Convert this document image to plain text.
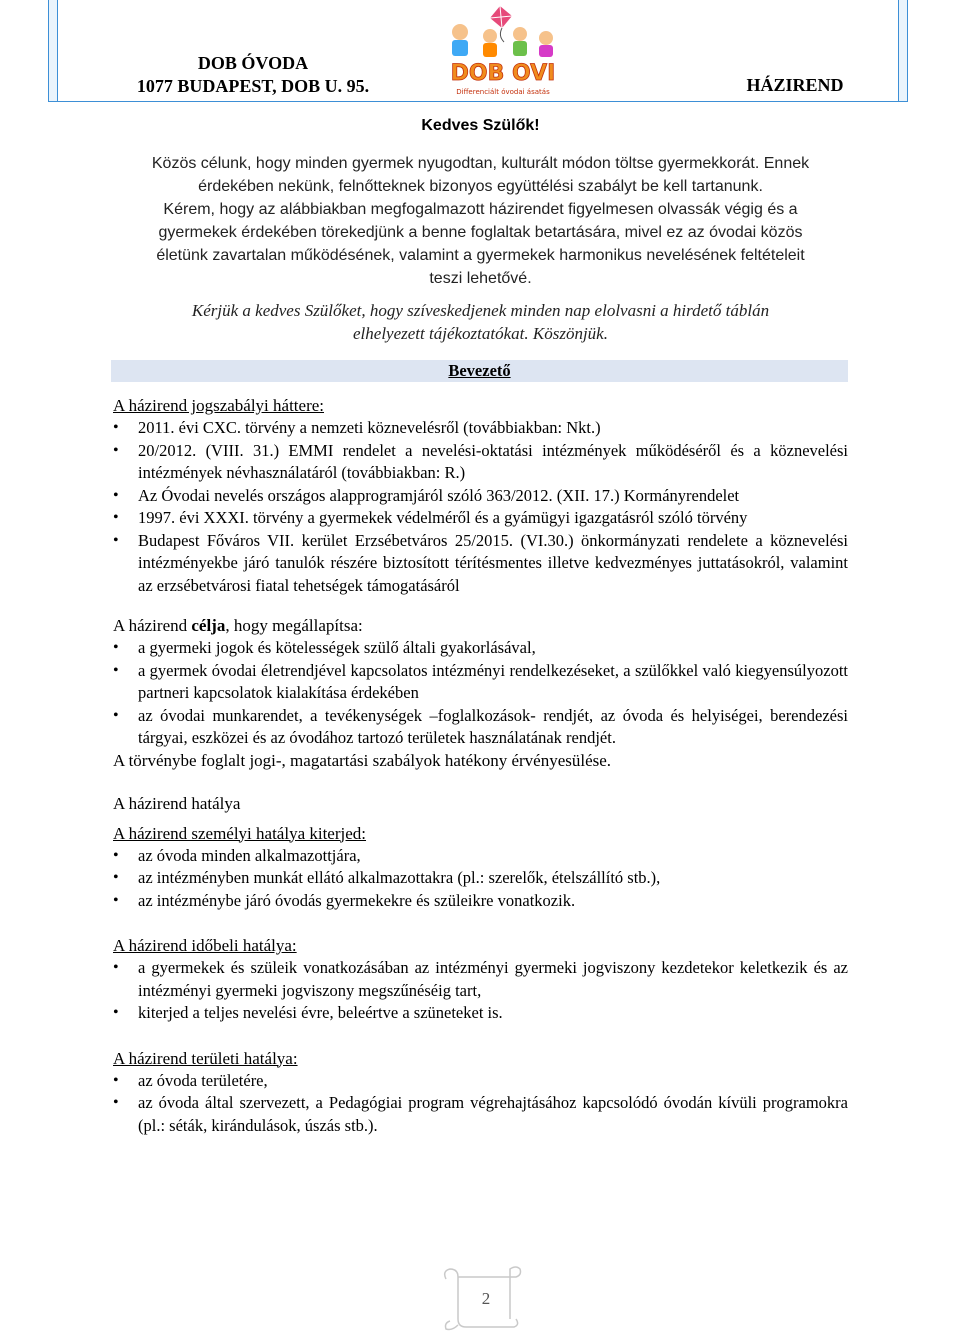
DOB ÓVODA
1077 BUDAPEST, DOB U. 95.	DOB OVI
Differenciált óvodai ásatás	HÁZIREND

Kedves Szülők!

Közös célunk, hogy minden gyermek nyugodtan, kulturált módon töltse gyermekkorát. Ennek
érdekében nekünk, felnőtteknek bizonyos együttélési szabályt be kell tartanunk.
Kérem, hogy az alábbiakban megfogalmazott házirendet figyelmesen olvassák végig és a
gyermekek érdekében törekedjünk a benne foglaltak betartására, mivel ez az óvodai közös
életünk zavartalan működésének, valamint a gyermekek harmonikus nevelésének feltételeit
teszi lehetővé.
Kérjük a kedves Szülőket, hogy szíveskedjenek minden nap elolvasni a hirdető táblán
elhelyezett tájékoztatókat. Köszönjük.
Bevezető

A házirend jogszabályi háttere:

• 2011. évi CXC. törvény a nemzeti köznevelésről (továbbiakban: Nkt.)
• 20/2012. (VIII. 31.) EMMI rendelet a nevelési-oktatási intézmények működéséről és a köznevelési intézmények névhasználatáról (továbbiakban: R.)
• Az Óvodai nevelés országos alapprogramjáról szóló 363/2012. (XII. 17.) Kormányrendelet
• 1997. évi XXXI. törvény a gyermekek védelméről és a gyámügyi igazgatásról szóló törvény
• Budapest Főváros VII. kerület Erzsébetváros 25/2015. (VI.30.) önkormányzati rendelete a köznevelési intézményekbe járó tanulók részére biztosított térítésmentes illetve kedvezményes juttatásokról, valamint az erzsébetvárosi fiatal tehetségek támogatásáról

A házirend célja, hogy megállapítsa:

• a gyermeki jogok és kötelességek szülő általi gyakorlásával,
• a gyermek óvodai életrendjével kapcsolatos intézményi rendelkezéseket, a szülőkkel való kiegyensúlyozott partneri kapcsolatok kialakítása érdekében
• az óvodai munkarendet, a tevékenységek –foglalkozások- rendjét, az óvoda és helyiségei, berendezési tárgyai, eszközei és az óvodához tartozó területek használatának rendjét.

A törvénybe foglalt jogi-, magatartási szabályok hatékony érvényesülése.

A házirend hatálya

A házirend személyi hatálya kiterjed:

• az óvoda minden alkalmazottjára,
• az intézményben munkát ellátó alkalmazottakra (pl.: szerelők, ételszállító stb.),
• az intézménybe járó óvodás gyermekekre és szüleikre vonatkozik.

A házirend időbeli hatálya:

• a gyermekek és szüleik vonatkozásában az intézményi gyermeki jogviszony kezdetekor keletkezik és az intézményi gyermeki jogviszony megszűnéséig tart,
• kiterjed a teljes nevelési évre, beleértve a szüneteket is.

A házirend területi hatálya:

• az óvoda területére,
• az óvoda által szervezett, a Pedagógiai program végrehajtásához kapcsolódó óvodán kívüli programokra (pl.: séták, kirándulások, úszás stb.).
2
